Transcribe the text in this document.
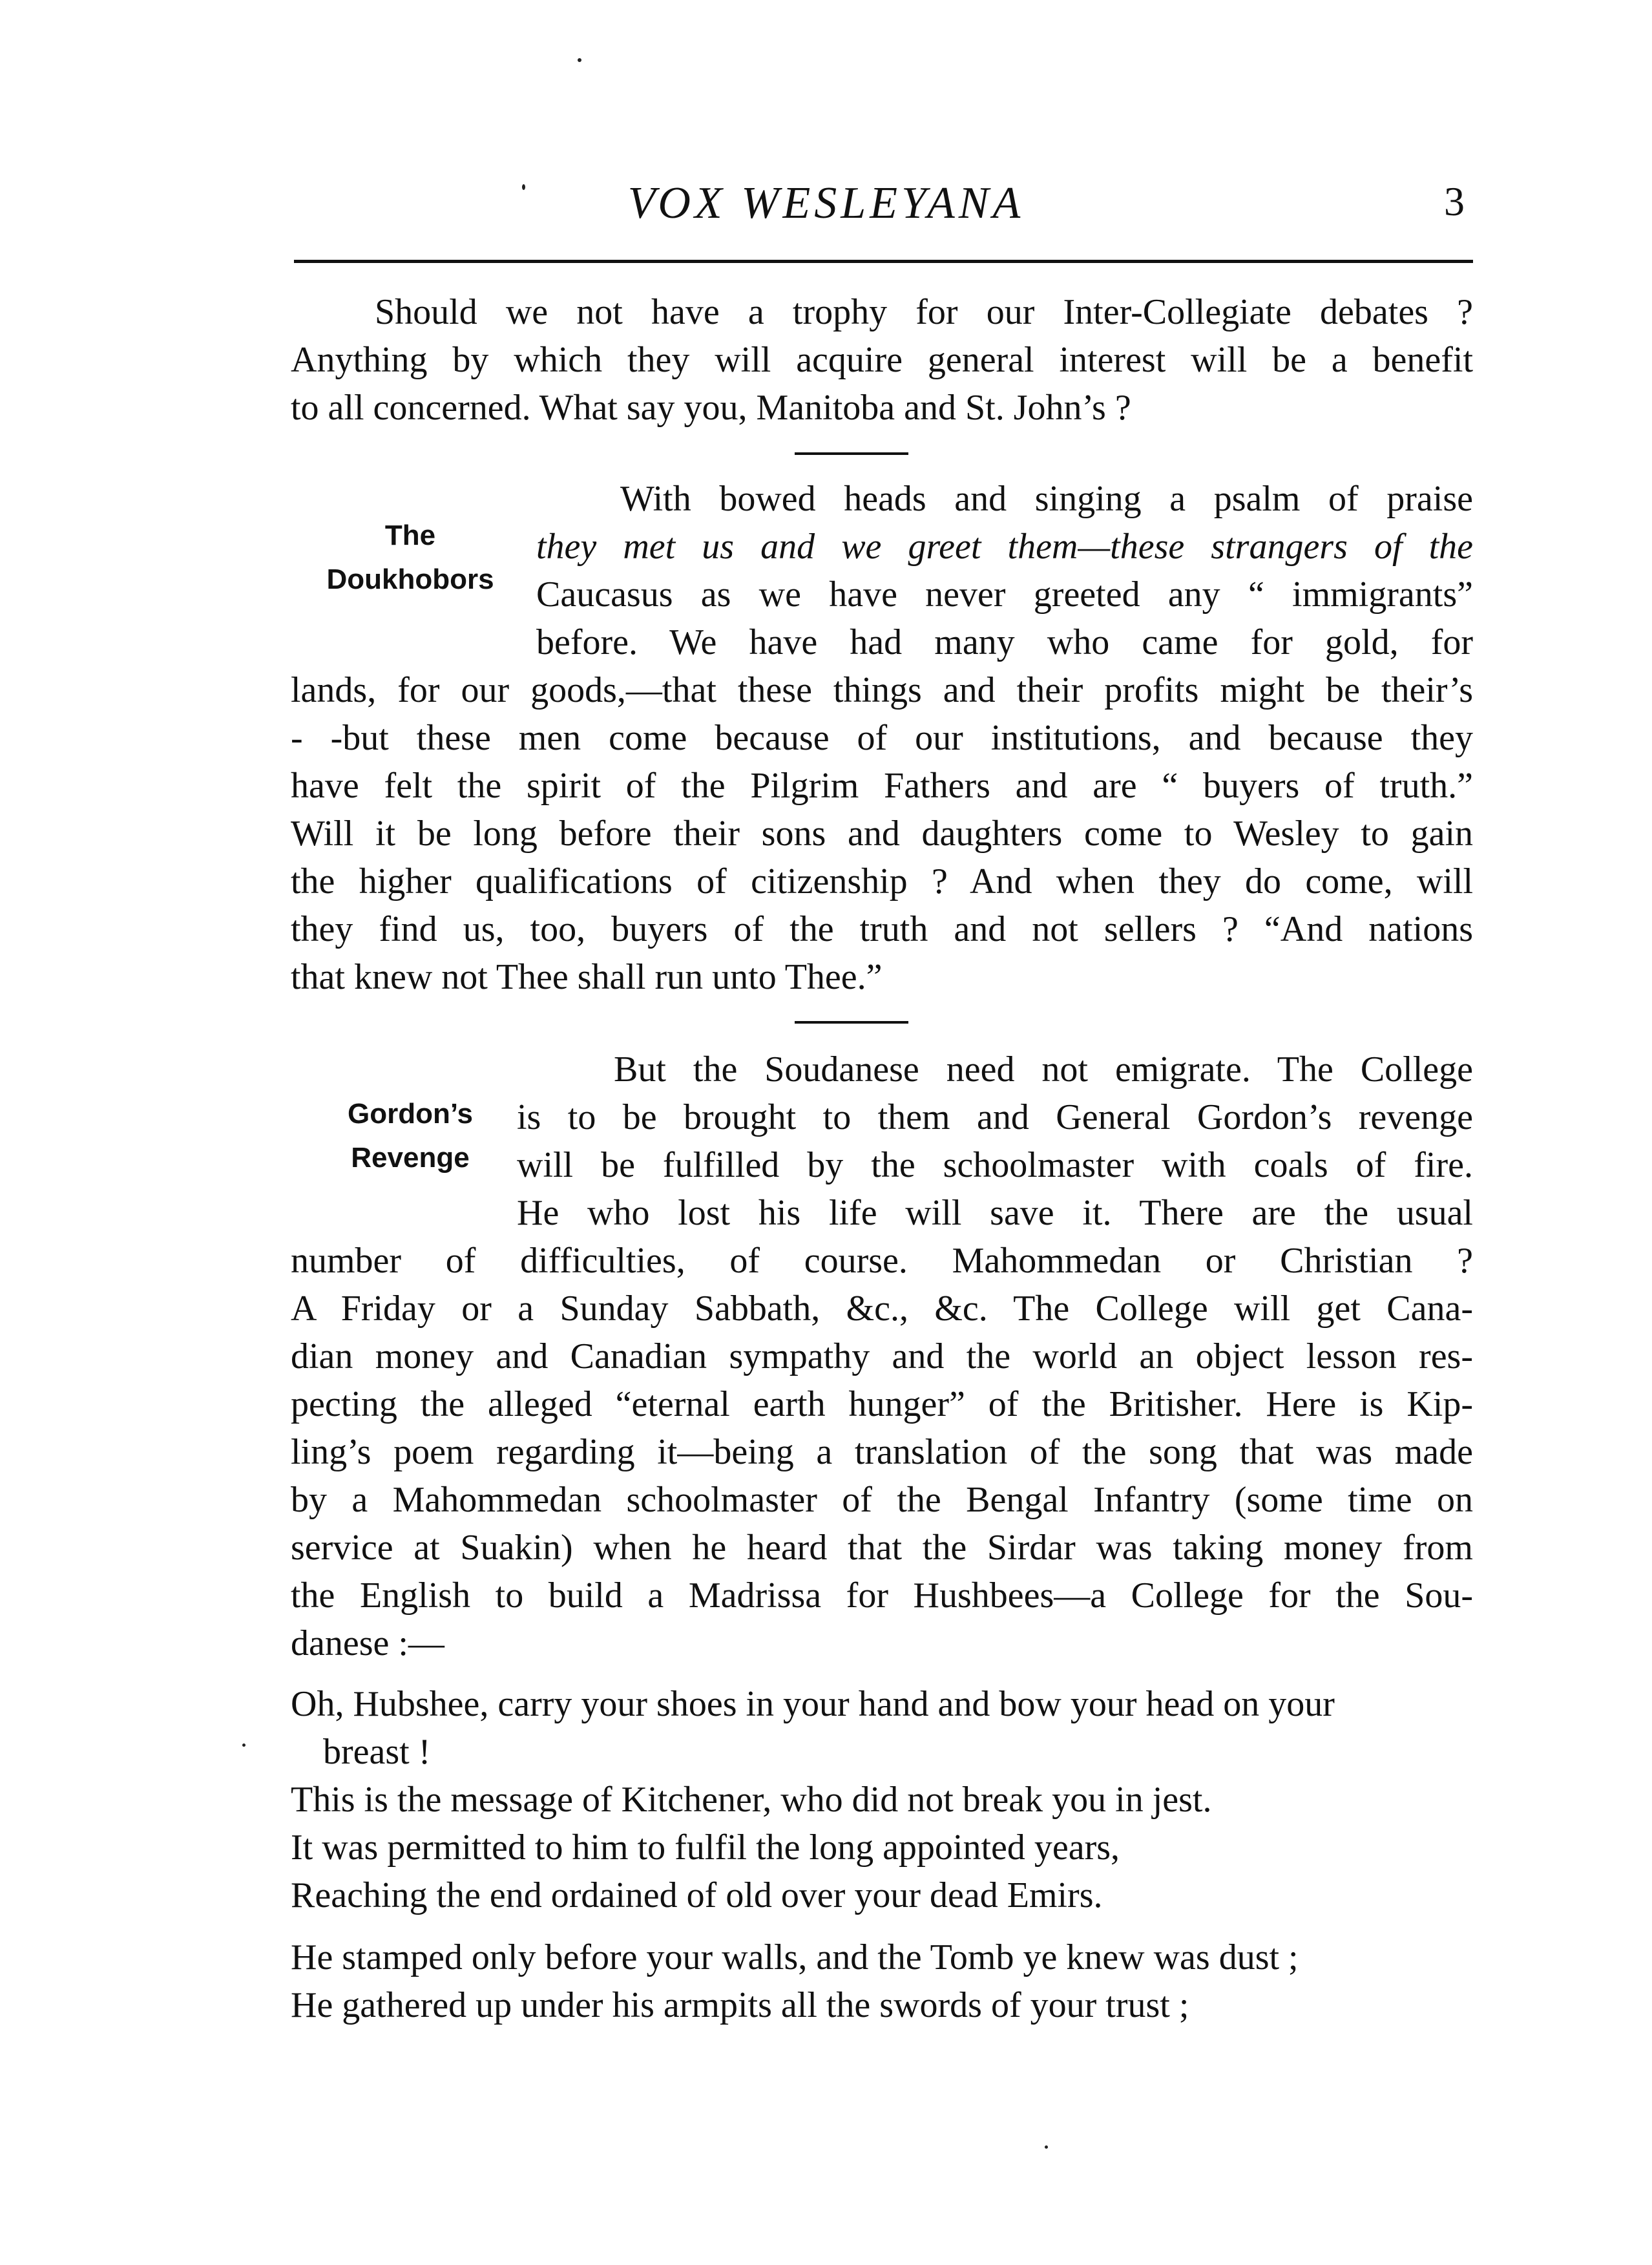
VOX WESLEYANA	3
Should we not have a trophy for our Inter-Collegiate debates ?
Anything by which they will acquire general interest will be a benefit
to all concerned. What say you, Manitoba and St. John’s ?
The
Doukhobors
With bowed heads and singing a psalm of praise
they met us and we greet them—these strangers of the
Caucasus as we have never greeted any “ immigrants”
before. We have had many who came for gold, for
lands, for our goods,—that these things and their profits might be their’s
- -but these men come because of our institutions, and because they
have felt the spirit of the Pilgrim Fathers and are “ buyers of truth.”
Will it be long before their sons and daughters come to Wesley to gain
the higher qualifications of citizenship ? And when they do come, will
they find us, too, buyers of the truth and not sellers ? “And nations
that knew not Thee shall run unto Thee.”
Gordon’s
Revenge
But the Soudanese need not emigrate. The College
is to be brought to them and General Gordon’s revenge
will be fulfilled by the schoolmaster with coals of fire.
He who lost his life will save it. There are the usual
number of difficulties, of course. Mahommedan or Christian ?
A Friday or a Sunday Sabbath, &c., &c. The College will get Cana-
dian money and Canadian sympathy and the world an object lesson res-
pecting the alleged “eternal earth hunger” of the Britisher. Here is Kip-
ling’s poem regarding it—being a translation of the song that was made
by a Mahommedan schoolmaster of the Bengal Infantry (some time on
service at Suakin) when he heard that the Sirdar was taking money from
the English to build a Madrissa for Hushbees—a College for the Sou-
danese :—
Oh, Hubshee, carry your shoes in your hand and bow your head on your
breast !
This is the message of Kitchener, who did not break you in jest.
It was permitted to him to fulfil the long appointed years,
Reaching the end ordained of old over your dead Emirs.
He stamped only before your walls, and the Tomb ye knew was dust ;
He gathered up under his armpits all the swords of your trust ;
